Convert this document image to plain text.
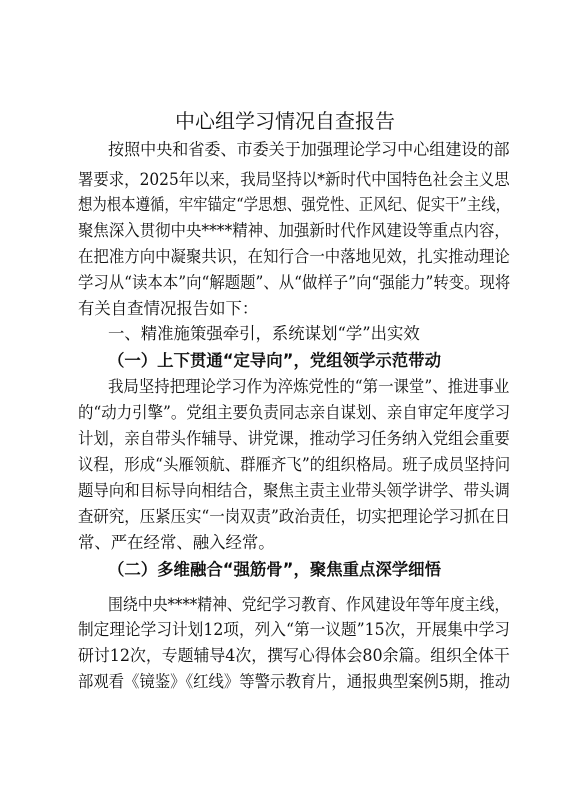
中心组学习情况自查报告
按照中央和省委、市委关于加强理论学习中心组建设的部
署要求，2025年以来，我局坚持以*新时代中国特色社会主义思
想为根本遵循，牢牢锚定“学思想、强党性、正风纪、促实干”主线，
聚焦深入贯彻中央****精神、加强新时代作风建设等重点内容，
在把准方向中凝聚共识，在知行合一中落地见效，扎实推动理论
学习从“读本本”向“解题题”、从“做样子”向“强能力”转变。现将
有关自查情况报告如下：
一、精准施策强牵引，系统谋划“学”出实效
（一）上下贯通“定导向”，党组领学示范带动
我局坚持把理论学习作为淬炼党性的“第一课堂”、推进事业
的“动力引擎”。党组主要负责同志亲自谋划、亲自审定年度学习
计划，亲自带头作辅导、讲党课，推动学习任务纳入党组会重要
议程，形成“头雁领航、群雁齐飞”的组织格局。班子成员坚持问
题导向和目标导向相结合，聚焦主责主业带头领学讲学、带头调
查研究，压紧压实“一岗双责”政治责任，切实把理论学习抓在日
常、严在经常、融入经常。
（二）多维融合“强筋骨”，聚焦重点深学细悟
围绕中央****精神、党纪学习教育、作风建设年等年度主线，
制定理论学习计划12项，列入“第一议题”15次，开展集中学习
研讨12次，专题辅导4次，撰写心得体会80余篇。组织全体干
部观看《镜鉴》《红线》等警示教育片，通报典型案例5期，推动
